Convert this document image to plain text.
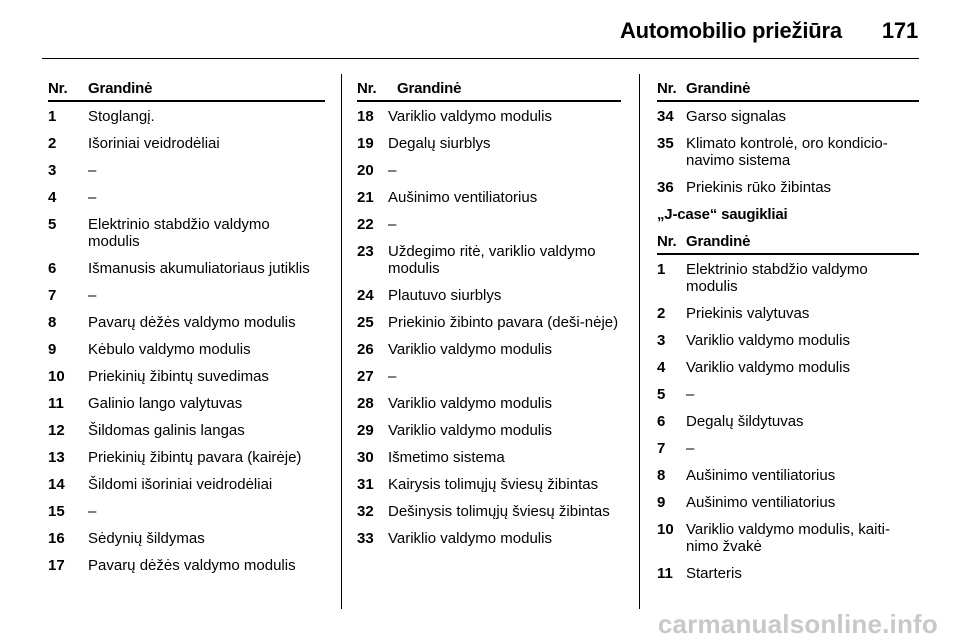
Automobilio priežiūra 171
Nr.	Grandinė
1	Stoglangį.
2	Išoriniai veidrodėliai
3	–
4	–
5	Elektrinio stabdžio valdymo modulis
6	Išmanusis akumuliatoriaus jutiklis
7	–
8	Pavarų dėžės valdymo modulis
9	Kėbulo valdymo modulis
10	Priekinių žibintų suvedimas
11	Galinio lango valytuvas
12	Šildomas galinis langas
13	Priekinių žibintų pavara (kairėje)
14	Šildomi išoriniai veidrodėliai
15	–
16	Sėdynių šildymas
17	Pavarų dėžės valdymo modulis
Nr.	Grandinė
18 Variklio valdymo modulis
19 Degalų siurblys
20 –
21 Aušinimo ventiliatorius
22 –
23 Uždegimo ritė, variklio valdymo modulis
24 Plautuvo siurblys
25 Priekinio žibinto pavara (deši-nėje)
26 Variklio valdymo modulis
27 –
28 Variklio valdymo modulis
29 Variklio valdymo modulis
30 Išmetimo sistema
31 Kairysis tolimųjų šviesų žibintas
32 Dešinysis tolimųjų šviesų žibintas
33 Variklio valdymo modulis
Nr. Grandinė
34 Garso signalas
35 Klimato kontrolė, oro kondicio-navimo sistema
36 Priekinis rūko žibintas
„J-case“ saugikliai
Nr. Grandinė
1	Elektrinio stabdžio valdymo modulis
2	Priekinis valytuvas
3	Variklio valdymo modulis
4	Variklio valdymo modulis
5	–
6	Degalų šildytuvas
7	–
8	Aušinimo ventiliatorius
9	Aušinimo ventiliatorius
10 Variklio valdymo modulis, kaiti-nimo žvakė
11 Starteris
carmanualsonline.info
